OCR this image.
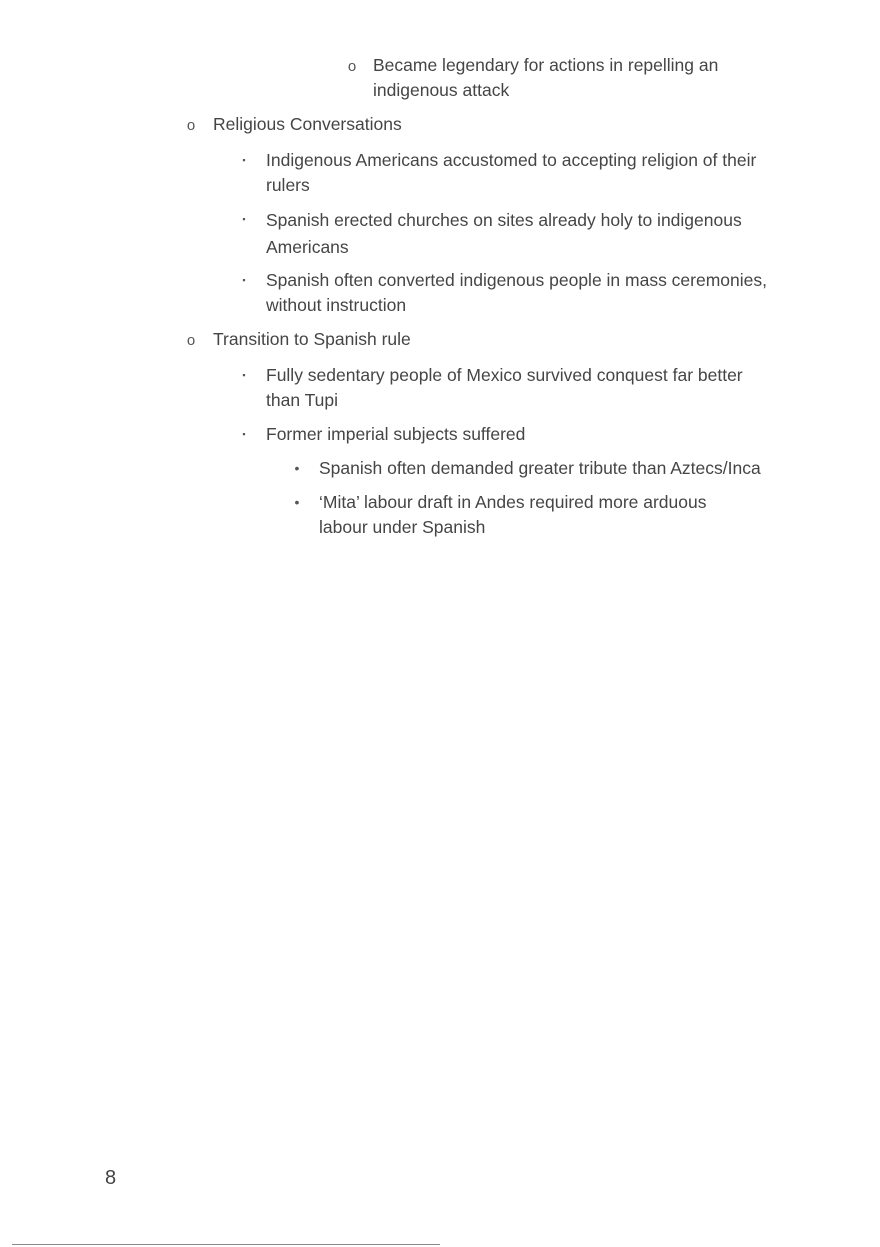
o Became legendary for actions in repelling an indigenous attack
o	Religious Conversations
▪	Indigenous Americans accustomed to accepting religion of their rulers
▪	Spanish erected churches on sites already holy to indigenous Americans
▪	Spanish often converted indigenous people in mass ceremonies, without instruction
o	Transition to Spanish rule
▪	Fully sedentary people of Mexico survived conquest far better than Tupi
▪	Former imperial subjects suffered
•	Spanish often demanded greater tribute than Aztecs/Inca
•	‘Mita’ labour draft in Andes required more arduous labour under Spanish
8
